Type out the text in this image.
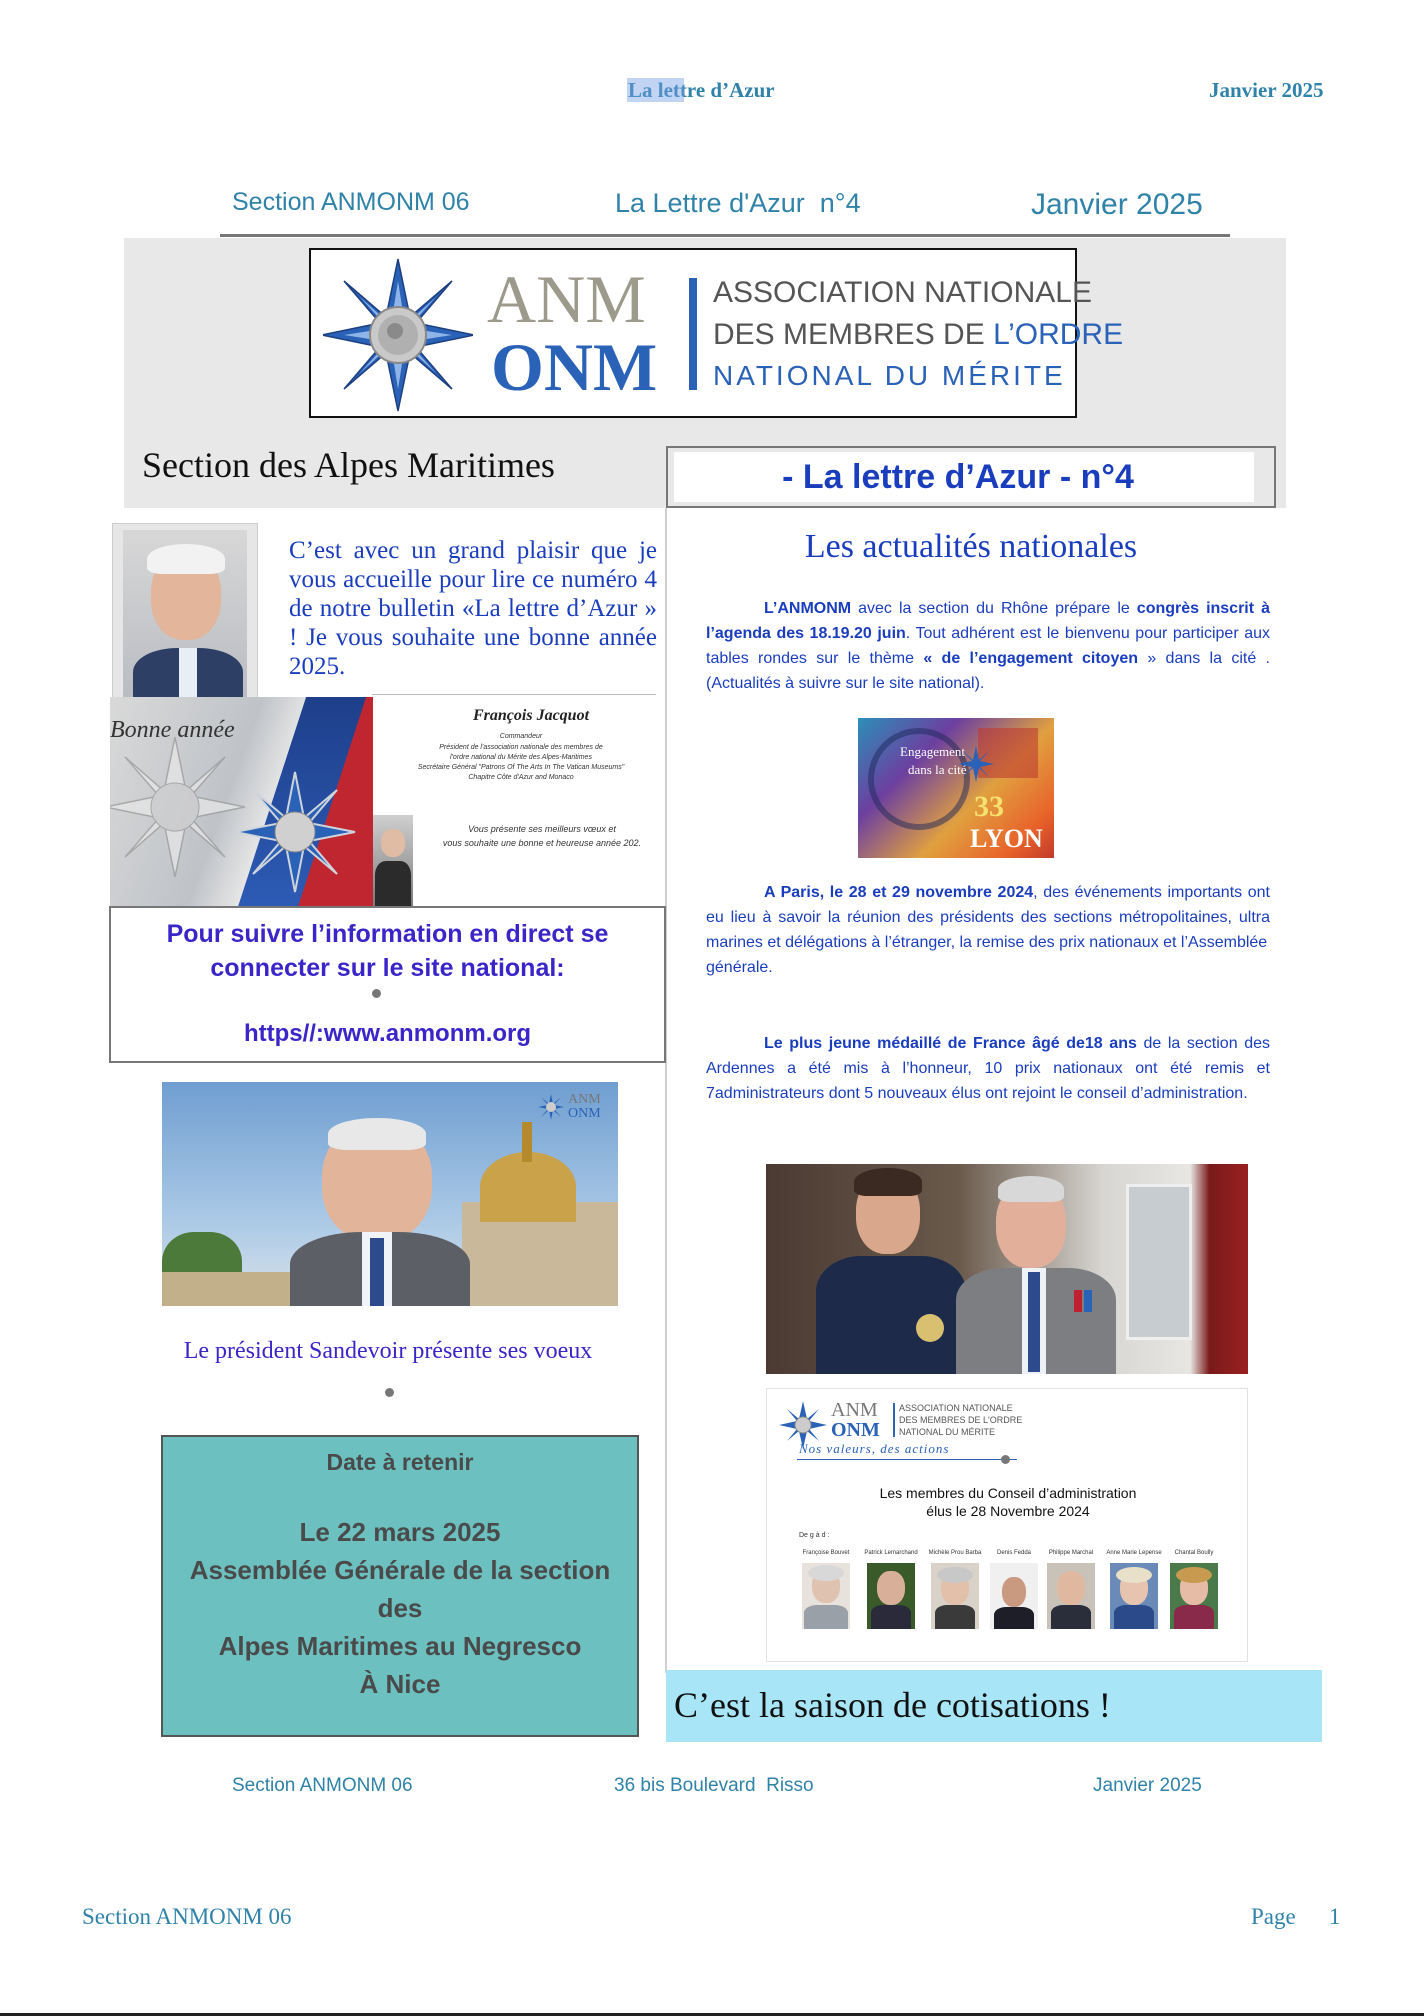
La lettre d’Azur	Janvier 2025
Section ANMONM 06	La Lettre d'Azur  n°4	Janvier 2025
ANM
ONM
ASSOCIATION NATIONALE
DES MEMBRES DE L’ORDRE
NATIONAL DU MÉRITE
Section des Alpes Maritimes	- La lettre d’Azur - n°4
C’est avec un grand plaisir que je vous accueille pour lire ce numéro 4 de notre bulletin «La lettre d’Azur » ! Je vous souhaite une bonne année 2025.
Bonne année
François Jacquot
Commandeur
Président de l'association nationale des membres de
l'ordre national du Mérite des Alpes-Maritimes
Secrétaire Général "Patrons Of The Arts In The Vatican Museums"
Chapitre Côte d'Azur and Monaco
Vous présente ses meilleurs vœux et
vous souhaite une bonne et heureuse année 202.
Pour suivre l’information en direct se
connecter sur le site national:
https//:www.anmonm.org
ANM
ONM
Le président Sandevoir présente ses voeux
Date à retenir
Le 22 mars 2025
Assemblée Générale de la section
des
Alpes Maritimes au Negresco
À Nice
Les actualités nationales
L’ANMONM avec la section du Rhône prépare le congrès inscrit à l’agenda des 18.19.20 juin. Tout adhérent est le bienvenu pour participer aux tables rondes sur le thème « de l’engagement citoyen » dans la cité .(Actualités à suivre sur le site national).
Engagement
dans la cité
33
LYON
A Paris, le 28 et 29 novembre 2024, des événements importants ont eu lieu à savoir la réunion des présidents des sections métropolitaines, ultra marines et délégations à l’étranger, la remise des prix nationaux et l’Assemblée
générale.
Le plus jeune médaillé de France âgé de18 ans de la section des Ardennes a été mis à l’honneur, 10 prix nationaux ont été remis et 7administrateurs dont 5 nouveaux élus ont rejoint le conseil d’administration.
ANM
ONM
ASSOCIATION NATIONALE
DES MEMBRES DE L'ORDRE
NATIONAL DU MÉRITE
Nos valeurs, des actions
Les membres du Conseil d’administration
élus le 28 Novembre 2024
De g à d :
Françoise Bouvet	Patrick Lemarchand	Michèle Prou Barba	Denis Fedda	Philippe Marchal	Anne Marie Lepense	Chantal Boully
C’est la saison de cotisations !
Section ANMONM 06	36 bis Boulevard  Risso	Janvier 2025
Section ANMONM 06	Page 1
